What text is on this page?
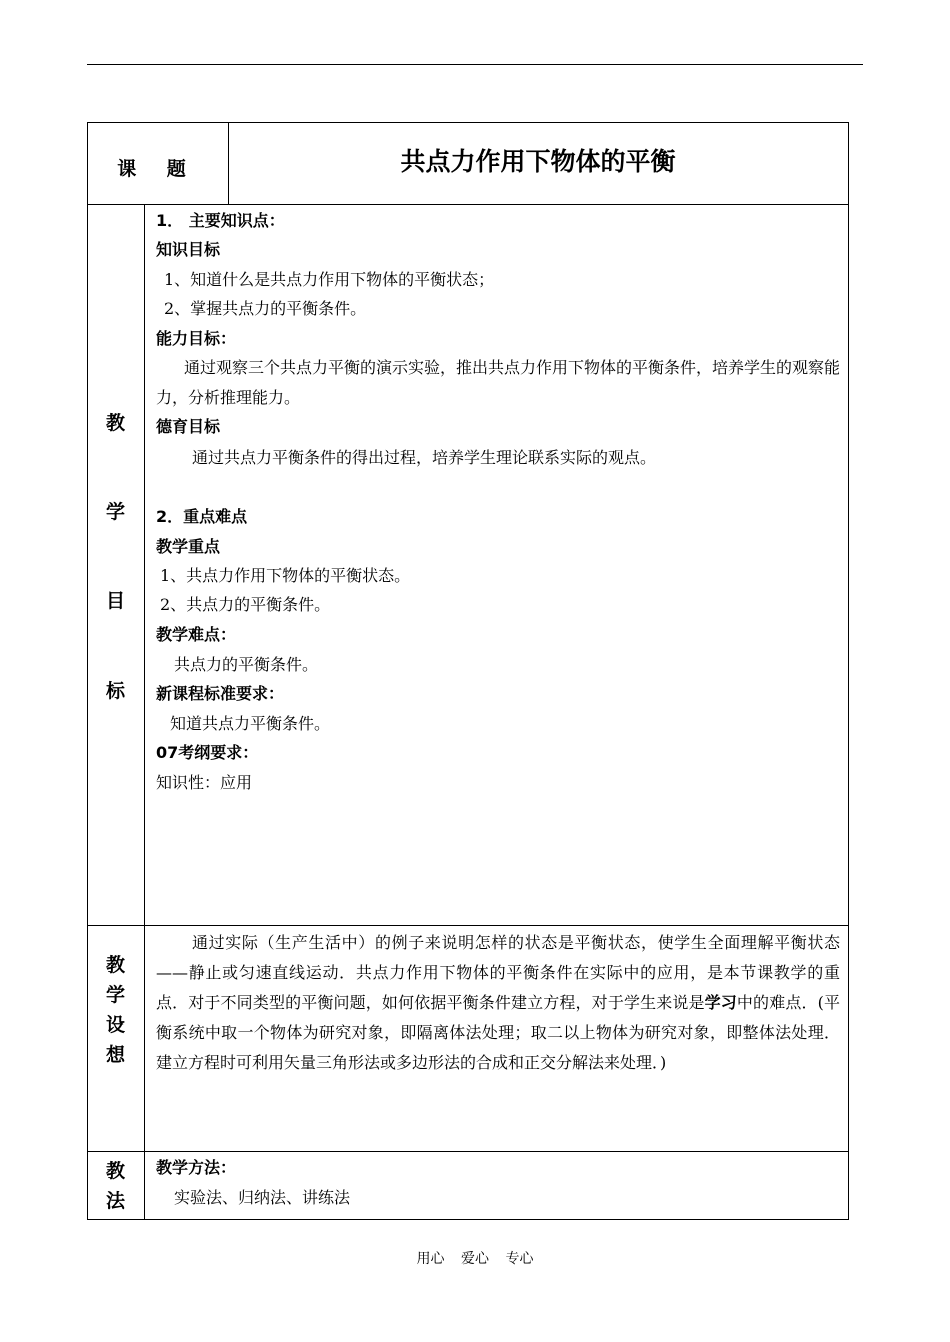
课 题	共点力作用下物体的平衡
教
学
目
标
1． 主要知识点：
知识目标
1、知道什么是共点力作用下物体的平衡状态；
2、掌握共点力的平衡条件。
能力目标：
通过观察三个共点力平衡的演示实验，推出共点力作用下物体的平衡条件，培养学生的观察能力，分析推理能力。
德育目标
通过共点力平衡条件的得出过程，培养学生理论联系实际的观点。
2．重点难点
教学重点
1、共点力作用下物体的平衡状态。
2、共点力的平衡条件。
教学难点：
共点力的平衡条件。
新课程标准要求：
知道共点力平衡条件。
07考纲要求：
知识性：应用
教
学
设
想
通过实际（生产生活中）的例子来说明怎样的状态是平衡状态，使学生全面理解平衡状态——静止或匀速直线运动．共点力作用下物体的平衡条件在实际中的应用，是本节课教学的重点．对于不同类型的平衡问题，如何依据平衡条件建立方程，对于学生来说是学习中的难点．(平衡系统中取一个物体为研究对象，即隔离体法处理；取二以上物体为研究对象，即整体法处理．建立方程时可利用矢量三角形法或多边形法的合成和正交分解法来处理．)
教
法
教学方法：
实验法、归纳法、讲练法
用心 爱心 专心
